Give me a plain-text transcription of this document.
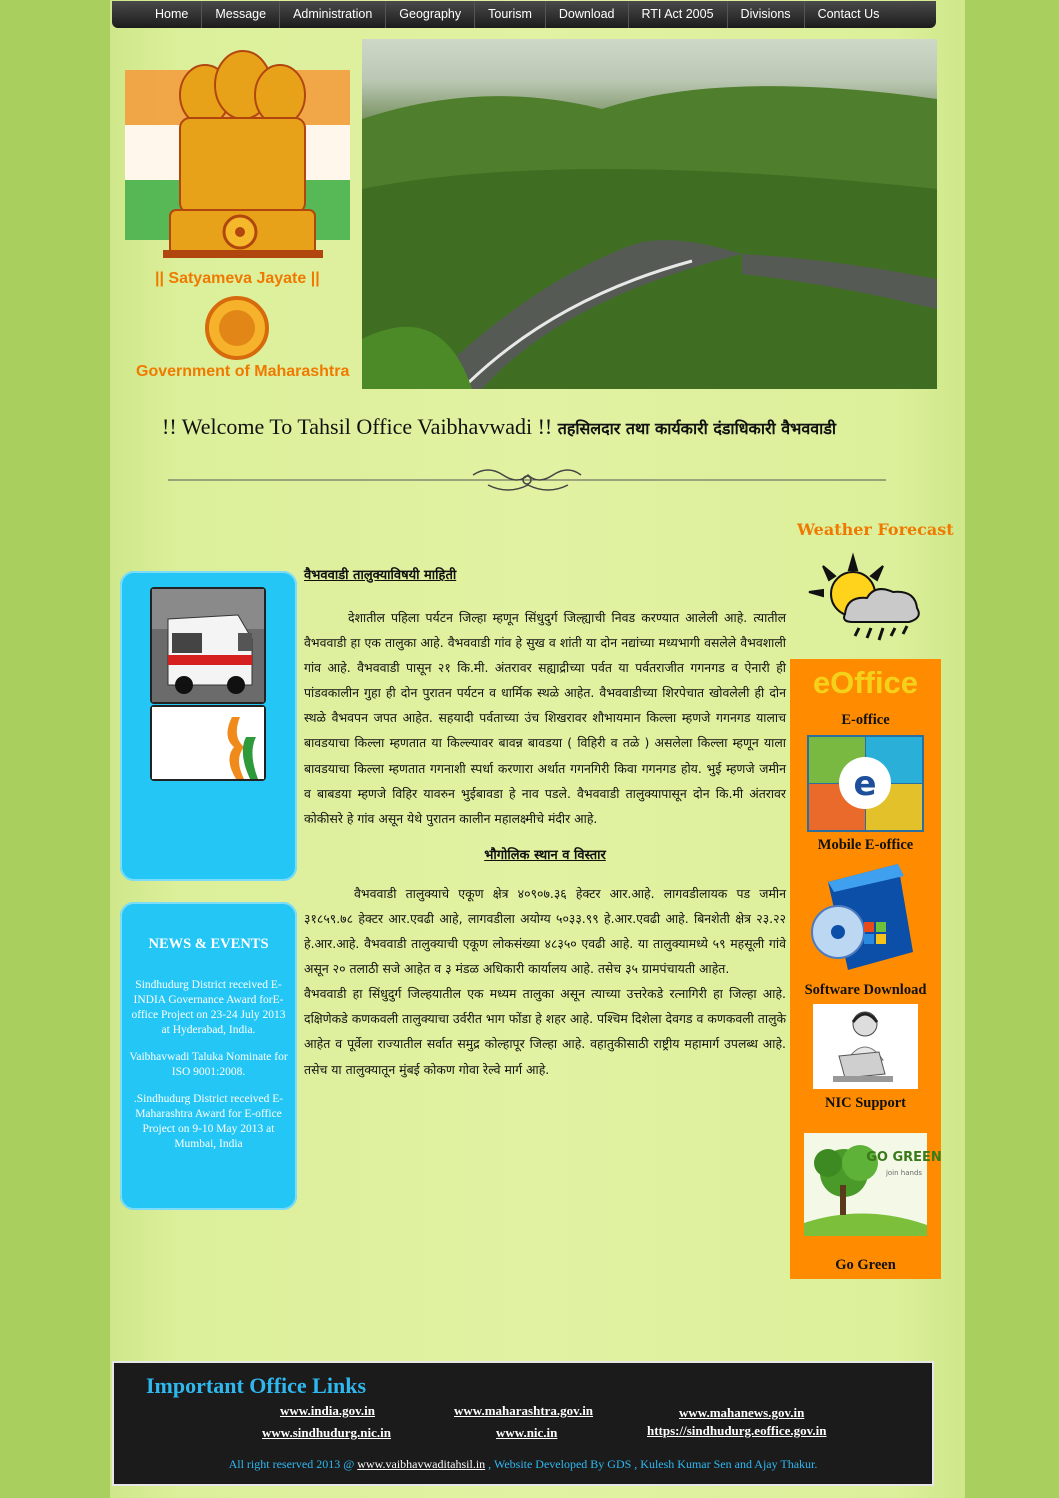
Home	Message	Administration	Geography	Tourism	Download	RTI Act 2005	Divisions	Contact Us
|| Satyameva Jayate ||
Government of Maharashtra
!! Welcome To Tahsil Office Vaibhavwadi !! तहसिलदार तथा कार्यकारी दंडाधिकारी वैभववाडी
Weather Forecast
NEWS & EVENTS
Sindhudurg District received E-INDIA Governance Award forE-office Project on 23-24 July 2013 at Hyderabad, India.
Vaibhavwadi Taluka Nominate for ISO 9001:2008.
.Sindhudurg District received E-Maharashtra Award for E-office Project on 9-10 May 2013 at Mumbai, India
वैभववाडी तालुक्याविषयी माहिती

देशातील पहिला पर्यटन जिल्हा म्हणून सिंधुदुर्ग जिल्ह्याची निवड करण्यात आलेली आहे. त्यातील वैभववाडी हा एक तालुका आहे. वैभववाडी गांव हे सुख व शांती या दोन नद्यांच्या मध्यभागी वसलेले वैभवशाली गांव आहे. वैभववाडी पासून २१ कि.मी. अंतरावर सह्याद्रीच्या पर्वत या पर्वतराजीत गगनगड व ऐनारी ही पांडवकालीन गुहा ही दोन पुरातन पर्यटन व धार्मिक स्थळे आहेत. वैभववाडीच्या शिरपेचात खोवलेली ही दोन स्थळे वैभवपन जपत आहेत. सहयादी पर्वताच्या उंच शिखरावर शौभायमान किल्ला म्हणजे गगनगड यालाच बावडयाचा किल्ला म्हणतात या किल्ल्यावर बावन्न बावडया ( विहिरी व तळे ) असलेला किल्ला म्हणून याला बावडयाचा किल्ला म्हणतात गगनाशी स्पर्धा करणारा अर्थात गगनगिरी किवा गगनगड होय. भुई म्हणजे जमीन व बाबडया म्हणजे विहिर यावरुन भुईबावडा हे नाव पडले. वैभववाडी तालुक्यापासून दोन कि.मी अंतरावर कोकीसरे हे गांव असून येथे पुरातन कालीन महालक्ष्मीचे मंदीर आहे.

भौगोलिक स्थान व विस्तार

वैभववाडी तालुक्याचे एकूण क्षेत्र ४०९०७.३६ हेक्टर आर.आहे. लागवडीलायक पड जमीन ३१८५९.७८ हेक्टर आर.एवढी आहे, लागवडीला अयोग्य ५०३३.९९ हे.आर.एवढी आहे. बिनशेती क्षेत्र २३.२२ हे.आर.आहे. वैभववाडी तालुक्याची एकूण लोकसंख्या ४८३५० एवढी आहे. या तालुक्यामध्ये ५९ महसूली गांवे असून २० तलाठी सजे आहेत व ३ मंडळ अधिकारी कार्यालय आहे. तसेच ३५ ग्रामपंचायती आहेत.

वैभववाडी हा सिंधुदुर्ग जिल्हयातील एक मध्यम तालुका असून त्याच्या उत्तरेकडे रत्नागिरी हा जिल्हा आहे. दक्षिणेकडे कणकवली तालुक्याचा उर्वरीत भाग फोंडा हे शहर आहे. पश्चिम दिशेला देवगड व कणकवली तालुके आहेत व पूर्वेला राज्यातील सर्वात समुद्र कोल्हापूर जिल्हा आहे. वहातुकीसाठी राष्ट्रीय महामार्ग उपलब्ध आहे. तसेच या तालुक्यातून मुंबई कोकण गोवा रेल्वे मार्ग आहे.

eOffice
E-office
e
Mobile E-office
Software Download
NIC Support
GO GREEN
join hands
Go Green
Important Office Links
www.india.gov.in	www.maharashtra.gov.in	www.mahanews.gov.in
www.sindhudurg.nic.in	www.nic.in	https://sindhudurg.eoffice.gov.in
All right reserved 2013 @ www.vaibhavwaditahsil.in , Website Developed By GDS , Kulesh Kumar Sen and Ajay Thakur.
